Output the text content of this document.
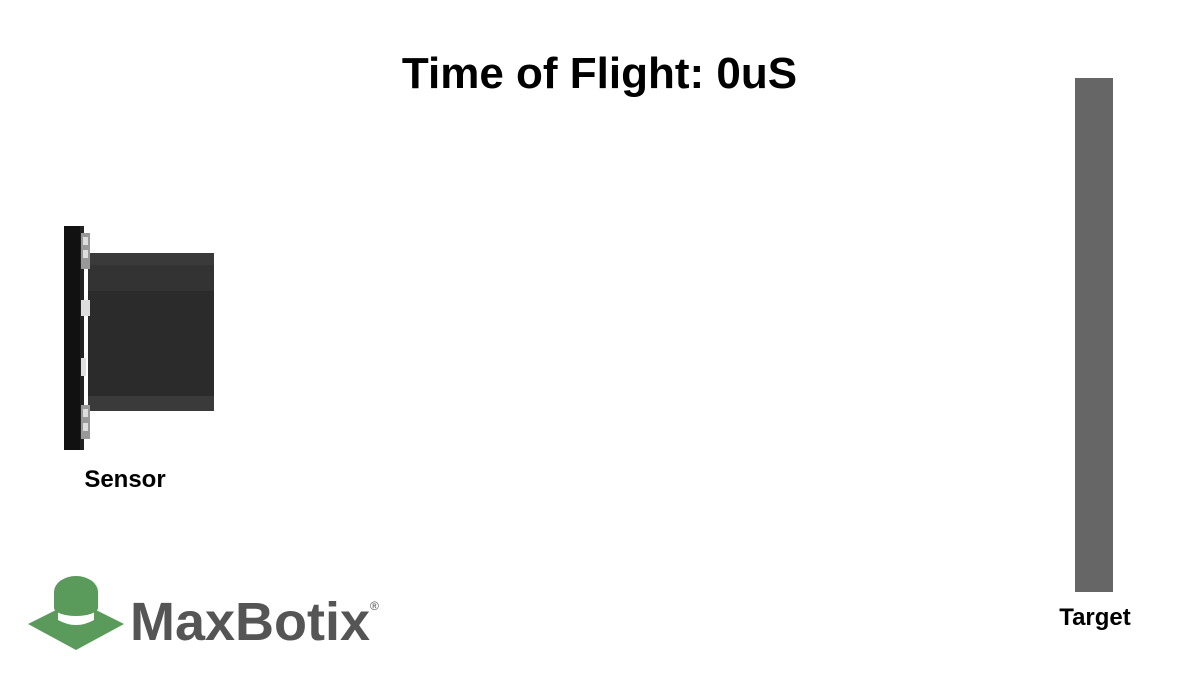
Time of Flight: 0uS
Sensor
Target
MaxBotix ®
